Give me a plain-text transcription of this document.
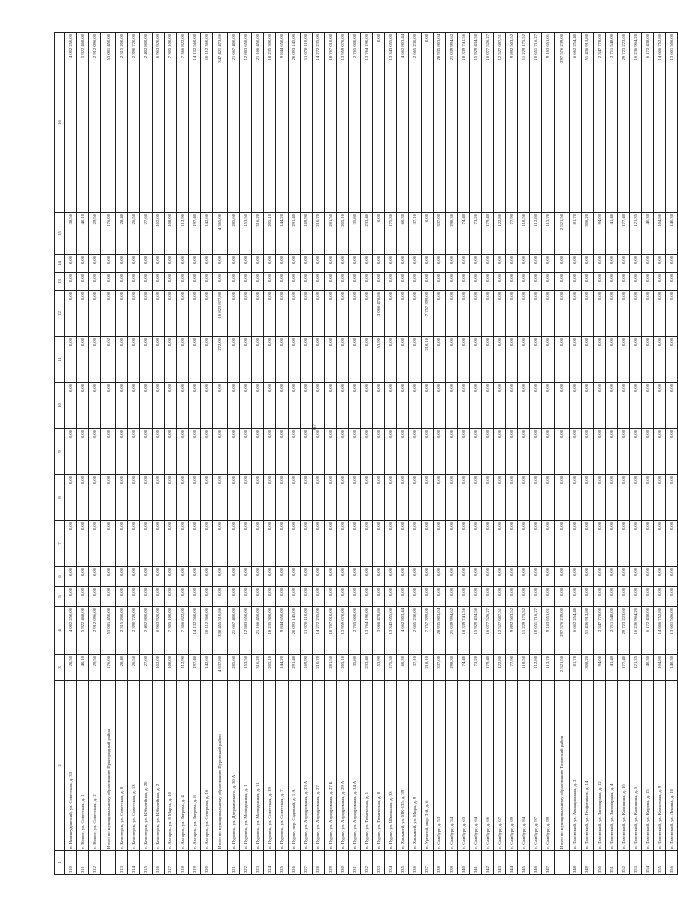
87
1	2	3	4	5	6	7	8	9	10	11	12	13	14	15	16
310	п. Нижнеудинский, ул. Советская, д. 33	28,50	4 002 250,00	0,00	0,00	0,00	0,00	0,00	0,00	0,00	0,00	0,00	0,00	38,50	4 002 250,00
311	с. Новое, ул. Советская, д. 1	40,10	5 922 468,00	0,00	0,00	0,00	0,00	0,00	0,00	0,00	0,00	0,00	0,00	40,10	5 922 468,00
312	с. Новое, ул. Советская, д. 2	29,50	2 912 096,00	0,00	0,00	0,00	0,00	0,00	0,00	0,00	0,00	0,00	0,00	29,50	2 912 096,00
	Итого по муниципальному образованию Пригородный район	176,00	53 081 450,00	0,00	0,00	0,00	0,00	0,00	0,00	0,02	0,00	0,00	0,00	176,00	53 081 450,00
313	с. Белозерск, ул. Советская, д. 8	28,40	2 315 200,00	0,00	0,00	0,00	0,00	0,00	0,00	0,00	0,00	0,00	0,00	28,40	2 315 200,00
314	с. Белозерск, ул. Советская, д. 13	26,50	2 390 720,00	0,00	0,00	0,00	0,00	0,00	0,00	0,00	0,00	0,00	0,00	26,50	2 390 720,00
315	с. Белозерск, ул. Юбилейная, д. 20	27,60	2 402 800,00	0,00	0,00	0,00	0,00	0,00	0,00	0,00	0,00	0,00	0,00	27,60	2 402 800,00
316	с. Белозерск, ул. Юбилейная, д. 2	102,00	6 963 920,00	0,00	0,00	0,00	0,00	0,00	0,00	0,00	0,00	0,00	0,00	102,00	6 963 920,00
317	с. Ахтарск, ул. 8 Марта, д. 10	108,00	7 305 100,00	0,00	0,00	0,00	0,00	0,00	0,00	0,00	0,00	0,00	0,00	108,00	7 305 100,00
318	с. Ахтарск, ул. Зверева, д. 4	112,90	7 366 822,00	0,00	0,00	0,00	0,00	0,00	0,00	0,00	0,00	0,00	0,00	112,90	7 366 822,00
319	с. Ахтарск, ул. Зверева, д. 8	197,40	14 132 560,00	0,00	0,00	0,00	0,00	0,00	0,00	0,00	0,00	0,00	0,00	197,40	14 132 560,00
320	с. Ахтарск, ул. Северная, д. 16	142,60	10 112 360,00	0,00	0,00	0,00	0,00	0,00	0,00	0,00	0,00	0,00	0,00	142,60	10 112 360,00
	Итого по муниципальному образованию Пуровский район	4 637,80	338 455 310,86	0,00	0,00	0,00	0,00	0,00	0,00	272,00	10 823 877,80	0,00	0,00	4 365,00	347 421 473,86
321	п. Пуровск, ул. Дзержинского, д. 30 А	285,60	21 667 400,00	0,00	0,00	0,00	0,00	0,00	0,00	0,00	0,00	0,00	0,00	285,60	21 667 400,00
322	п. Пуровск, ул. Молодежная, д. 1	153,50	12 883 650,00	0,00	0,00	0,00	0,00	0,00	0,00	0,00	0,00	0,00	0,00	153,50	12 883 650,00
323	п. Пуровск, ул. Молодежная, д. 11	316,20	21 166 450,00	0,00	0,00	0,00	0,00	0,00	0,00	0,00	0,00	0,00	0,00	316,20	21 166 450,00
324	п. Пуровск, ул. Советская, д. 19	205,10	18 235 300,00	0,00	0,00	0,00	0,00	0,00	0,00	0,00	0,00	0,00	0,00	205,10	18 235 300,00
325	п. Пуровск, ул. Советская, д. 7	144,20	9 844 650,00	0,00	0,00	0,00	0,00	0,00	0,00	0,00	0,00	0,00	0,00	144,20	9 844 650,00
326	п. Пурпе, пер. Садовый, д. 1 А	291,40	20 093 145,00	0,00	0,00	0,00	0,00	0,00	0,00	0,00	0,00	0,00	0,00	291,40	20 093 145,00
327	п. Пурпе, ул. Аэродромная, д. 23 А	169,90	11 078 110,00	0,00	0,00	0,00	0,00	0,00	0,00	0,00	0,00	0,00	0,00	169,90	11 078 110,00
328	п. Пурпе, ул. Аэродромная, д. 27	210,70	14 272 235,00	0,00	0,00	0,00	0,00	0,00	0,00	0,00	0,00	0,00	0,00	210,70	14 272 235,00
329	п. Пурпе, ул. Аэродромная, д. 27 Б	281,50	18 767 010,00	0,00	0,00	0,00	0,00	0,00	0,00	0,00	0,00	0,00	0,00	281,50	18 767 010,00
330	п. Пурпе, ул. Аэродромная, д. 29 А	205,10	13 959 070,00	0,00	0,00	0,00	0,00	0,00	0,00	0,00	0,00	0,00	0,00	205,10	13 959 070,00
331	п. Пурпе, ул. Аэродромная, д. 34 А	35,80	2 765 600,00	0,00	0,00	0,00	0,00	0,00	0,00	0,00	0,00	0,00	0,00	35,80	2 765 600,00
332	п. Пурпе, ул. Тюменская, д. 1	233,40	13 764 190,00	0,00	0,00	0,00	0,00	0,00	0,00	0,00	0,00	0,00	0,00	233,40	13 764 190,00
333	п. Пурпе, ул. Тюменская, д. 8	53,90	3 066 478,86	0,00	0,00	0,00	0,00	0,00	0,00	53,90	3 066 478,86	0,00	0,00	0,00	0,00
334	п. Пурпе, ул. Школьная, д. 33	175,30	13 343 055,00	0,00	0,00	0,00	0,00	0,00	0,00	0,00	0,00	0,00	0,00	175,30	13 343 055,00
335	п. Ханымей, ул. МК-135, д. 39	60,30	4 662 803,44	0,00	0,00	0,00	0,00	0,00	0,00	0,00	0,00	0,00	0,00	60,30	4 662 803,44
336	п. Ханымей, ул. Мира, д. 9	37,10	2 665 230,00	0,00	0,00	0,00	0,00	0,00	0,00	0,00	0,00	0,00	0,00	37,10	2 665 230,00
337	п. Уренгой, мкр. 3-й, д. 6	218,10	7 757 399,00	0,00	0,00	0,00	0,00	0,00	0,00	218,10	7 757 399,00	0,00	0,00	0,00	0,00
338	с. Самбург, д. 53	337,00	28 935 803,04	0,00	0,00	0,00	0,00	0,00	0,00	0,00	0,00	0,00	0,00	337,00	28 935 803,04
339	с. Самбург, д. 54	298,30	21 039 994,62	0,00	0,00	0,00	0,00	0,00	0,00	0,00	0,00	0,00	0,00	298,30	21 039 994,62
340	с. Самбург, д. 63	74,40	18 339 741,56	0,00	0,00	0,00	0,00	0,00	0,00	0,00	0,00	0,00	0,00	74,40	18 339 741,56
341	с. Самбург, д. 64	73,20	15 929 434,50	0,00	0,00	0,00	0,00	0,00	0,00	0,00	0,00	0,00	0,00	73,20	15 929 434,50
342	с. Самбург, д. 66	179,40	16 077 526,27	0,00	0,00	0,00	0,00	0,00	0,00	0,00	0,00	0,00	0,00	179,40	16 077 526,27
343	с. Самбург, д. 67	122,80	12 527 687,51	0,00	0,00	0,00	0,00	0,00	0,00	0,00	0,00	0,00	0,00	122,80	12 527 687,51
344	с. Самбург, д. 69	77,90	9 892 503,52	0,00	0,00	0,00	0,00	0,00	0,00	0,00	0,00	0,00	0,00	77,90	9 892 503,52
345	с. Самбург, д. 84	118,50	11 229 175,52	0,00	0,00	0,00	0,00	0,00	0,00	0,00	0,00	0,00	0,00	118,50	11 229 175,52
346	с. Самбург, д. 97	112,80	10 651 716,27	0,00	0,00	0,00	0,00	0,00	0,00	0,00	0,00	0,00	0,00	112,80	10 651 716,27
347	с. Самбург, д. 99	113,70	9 163 651,01	0,00	0,00	0,00	0,00	0,00	0,00	0,00	0,00	0,00	0,00	113,70	9 163 651,01
	Итого по муниципальному образованию Тазовский район	2 521,50	297 576 239,00	0,00	0,00	0,00	0,00	0,00	0,00	0,00	0,00	0,00	0,00	2 521,50	297 576 239,00
348	п. Тазовский, ул. Авиационная, д. 2	81,70	6 662 254,40	0,00	0,00	0,00	0,00	0,00	0,00	0,00	0,00	0,00	0,00	81,70	6 662 254,40
349	п. Тазовский, ул. Геофизиков, д. 14	308,20	51 436 913,80	0,00	0,00	0,00	0,00	0,00	0,00	0,00	0,00	0,00	0,00	308,20	51 436 913,80
350	п. Тазовский, ул. Заполярная, д. 12	94,00	2 347 778,00	0,00	0,00	0,00	0,00	0,00	0,00	0,00	0,00	0,00	0,00	94,00	2 347 778,00
351	п. Тазовский, ул. Заполярная, д. 4	41,40	2 711 548,00	0,00	0,00	0,00	0,00	0,00	0,00	0,00	0,00	0,00	0,00	41,40	2 711 548,00
352	п. Тазовский, ул. Калинина, д. 16	177,40	29 723 223,60	0,00	0,00	0,00	0,00	0,00	0,00	0,00	0,00	0,00	0,00	177,40	29 723 223,60
353	п. Тазовский, ул. Калинина, д. 5	121,35	16 236 964,20	0,00	0,00	0,00	0,00	0,00	0,00	0,00	0,00	0,00	0,00	121,35	16 236 964,20
354	п. Тазовский, ул. Кирова, д. 15	40,30	6 172 438,00	0,00	0,00	0,00	0,00	0,00	0,00	0,00	0,00	0,00	0,00	40,30	6 172 438,00
355	п. Тазовский, ул. Колхозная, д. 9	104,80	14 606 752,80	0,00	0,00	0,00	0,00	0,00	0,00	0,00	0,00	0,00	0,00	104,80	14 606 752,80
356	п. Тазовский, ул. Ленина, д. 10	140,30	13 601 506,00	0,00	0,00	0,00	0,00	0,00	0,00	0,00	0,00	0,00	0,00	140,30	13 601 506,00
